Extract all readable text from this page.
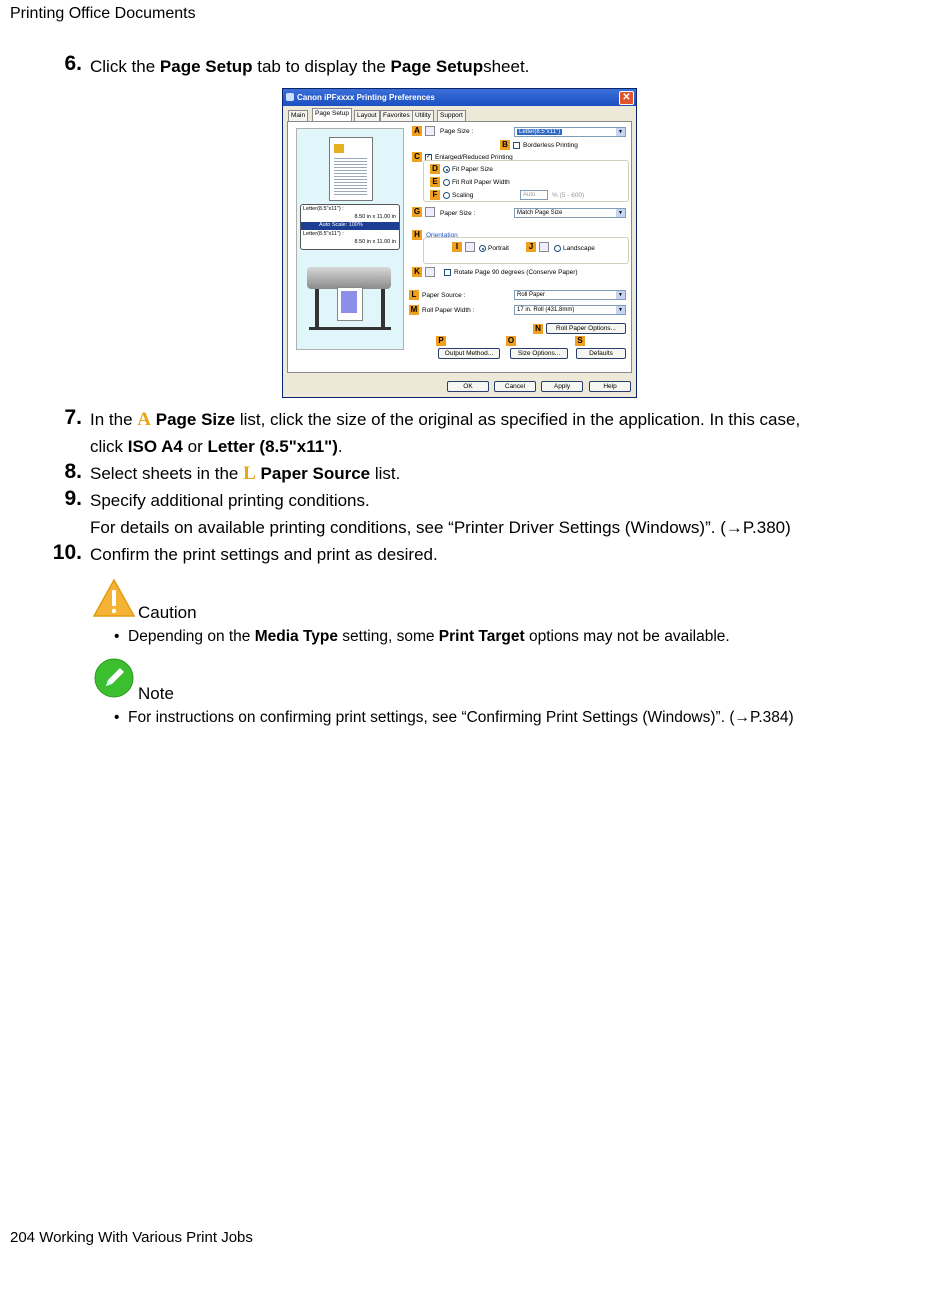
Printing Office Documents
6. Click the Page Setup tab to display the Page Setupsheet.
Canon iPFxxxx Printing Preferences	✕
Main	Page Setup	Layout Favorites Utility	Support
Letter(8.5"x11") :
8.50 in x 11.00 in
Auto Scale: 100%
Letter(8.5"x11") :
8.50 in x 11.00 in
A	Page Size :	Letter(8.5"x11")	▼
B	Borderless Printing
C	✓ Enlarged/Reduced Printing
D	Fit Paper Size
E	Fit Roll Paper Width
F	Scaling	Auto	% (5 - 600)
G	Paper Size :	Match Page Size	▼
H Orientation
I	Portrait	J	Landscape
K	Rotate Page 90 degrees (Conserve Paper)
L Paper Source :	Roll Paper	▼
M Roll Paper Width :	17 in. Roll (431.8mm)	▼
N	Roll Paper Options...
P	O	S
Output Method...	Size Options...	Defaults
OK	Cancel	Apply	Help
7. In the A Page Size list, click the size of the original as specified in the application. In this case,
click ISO A4 or Letter (8.5"x11").
8. Select sheets in the L Paper Source list.
9. Specify additional printing conditions.
For details on available printing conditions, see “Printer Driver Settings (Windows)”. (→P.380)
10. Confirm the print settings and print as desired.
Caution
•  Depending on the Media Type setting, some Print Target options may not be available.
Note
•  For instructions on confirming print settings, see “Confirming Print Settings (Windows)”. (→P.384)
204 Working With Various Print Jobs
